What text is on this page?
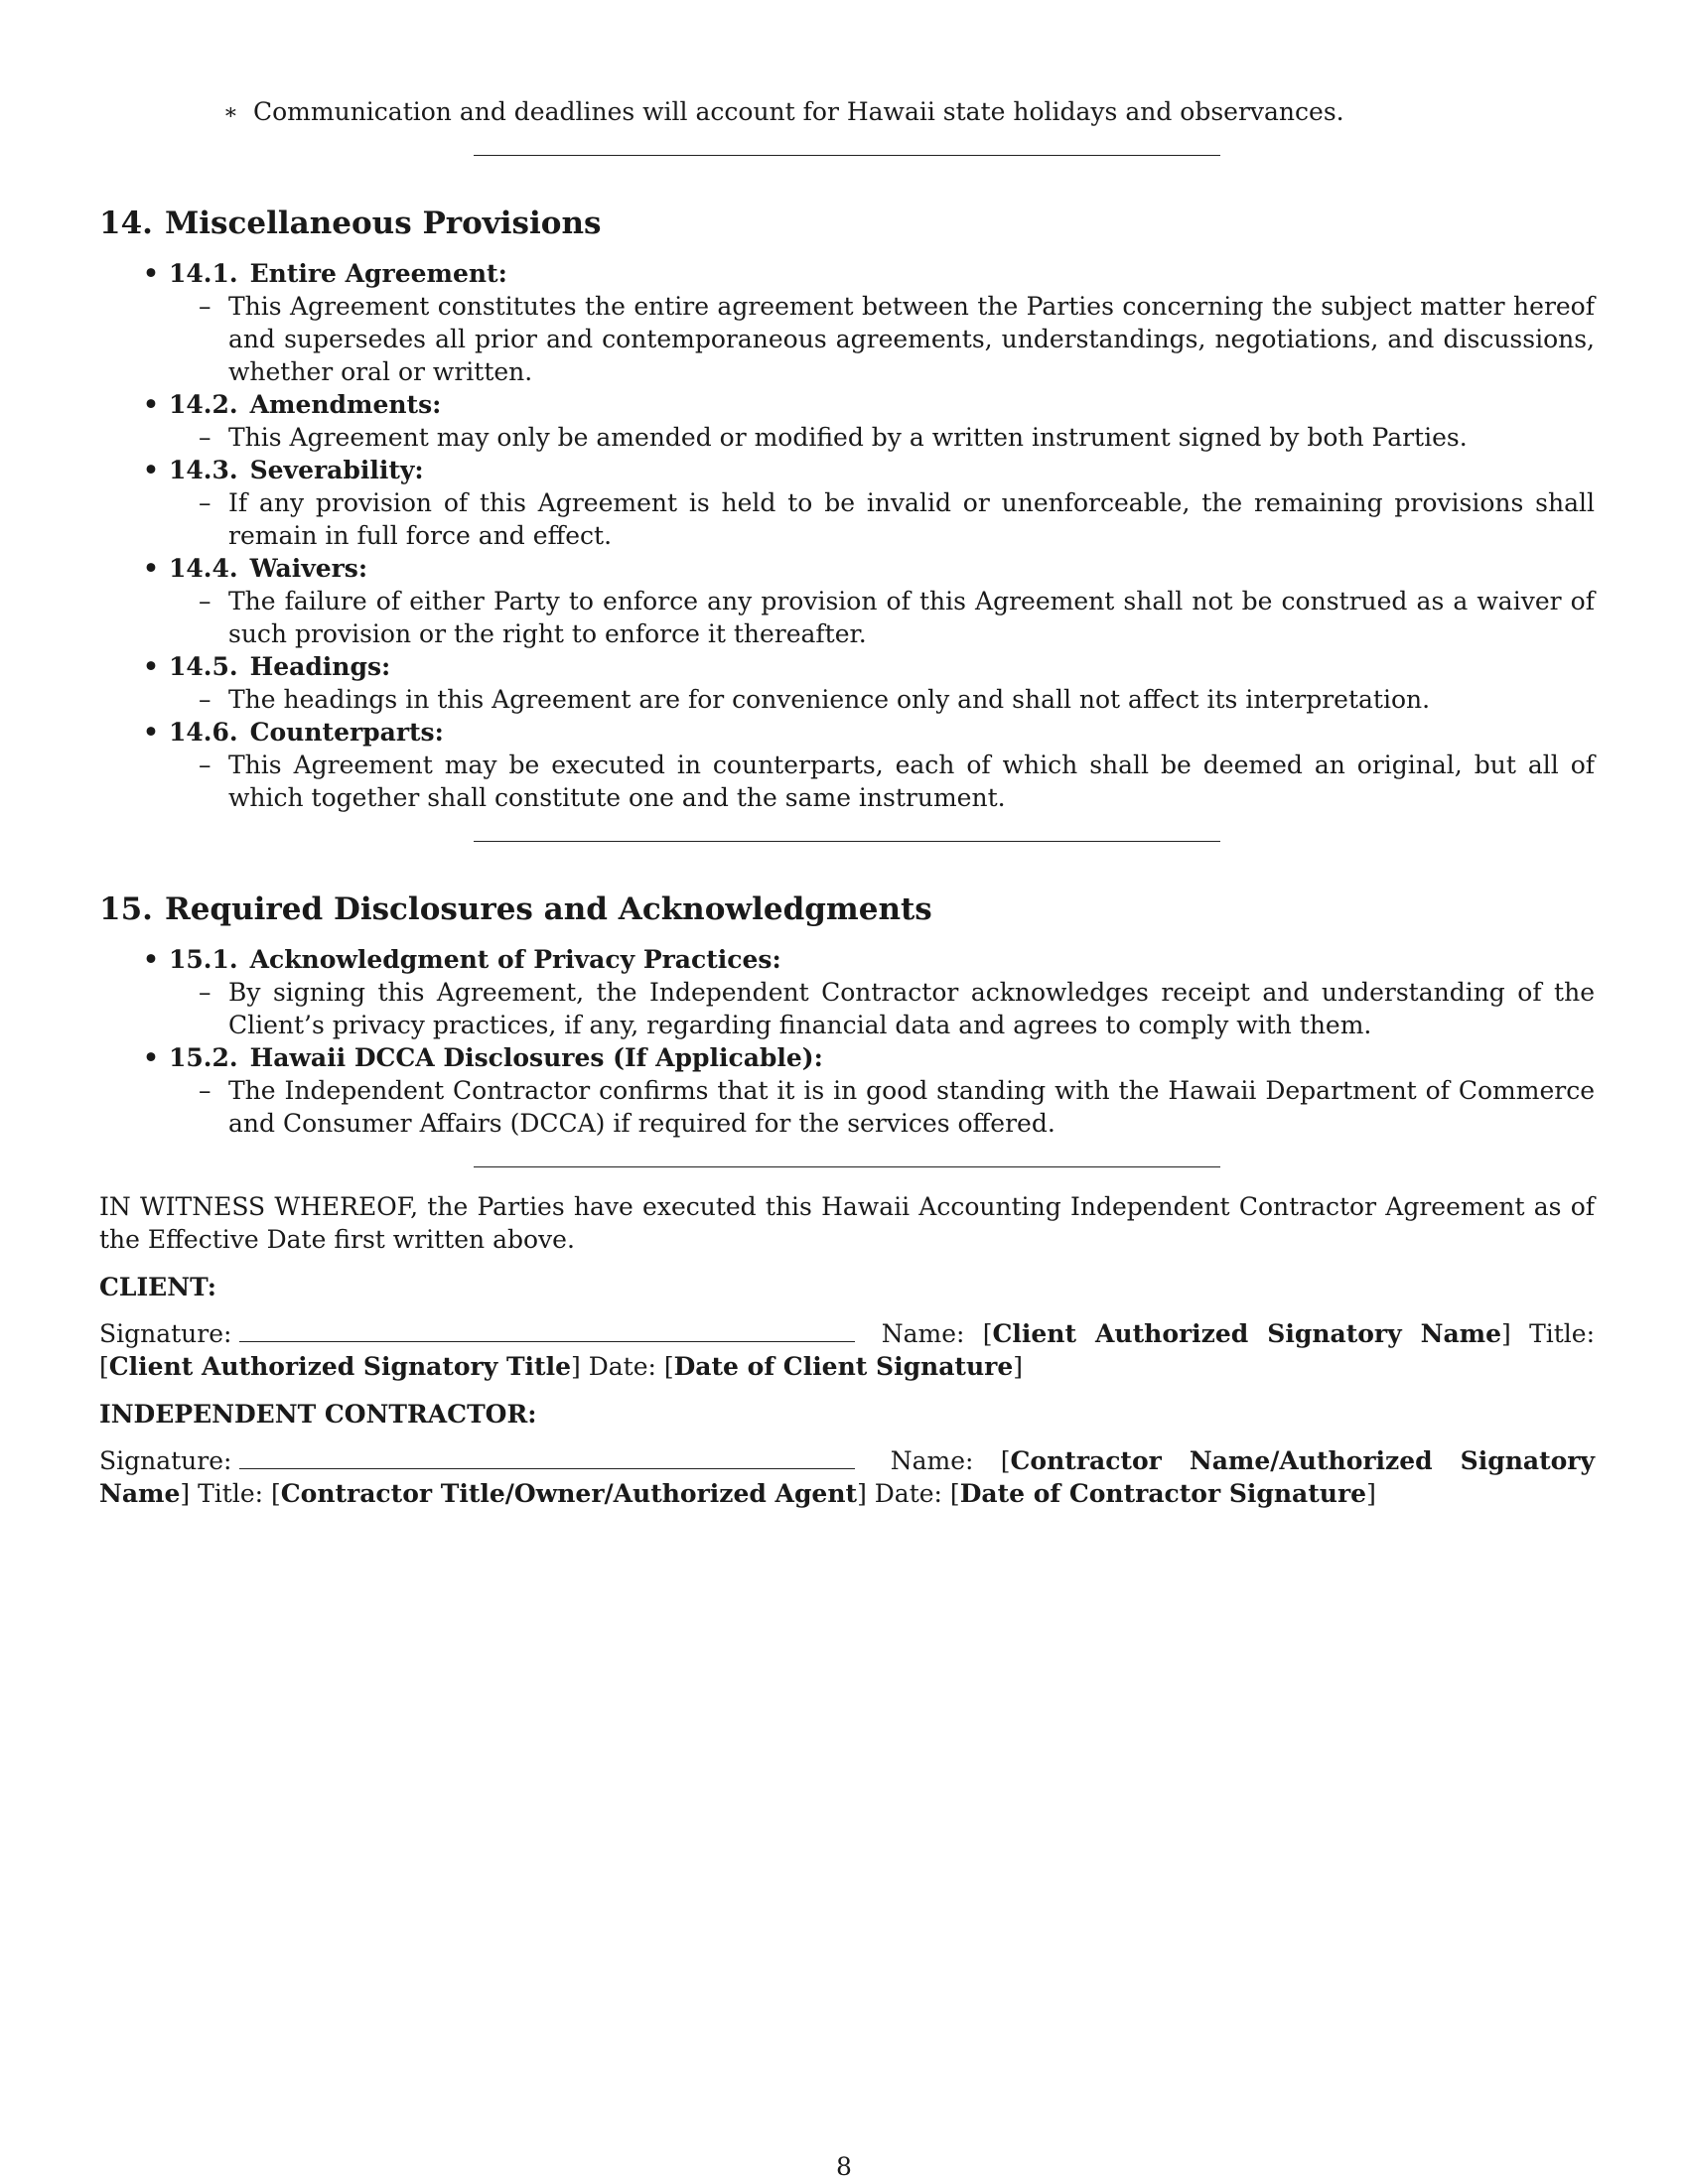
∗ Communication and deadlines will account for Hawaii state holidays and observances.
14. Miscellaneous Provisions
• 14.1. Entire Agreement:
– This Agreement constitutes the entire agreement between the Parties concerning the subject matter hereof and supersedes all prior and contemporaneous agreements, understandings, negotiations, and discussions, whether oral or written.
• 14.2. Amendments:
– This Agreement may only be amended or modified by a written instrument signed by both Parties.
• 14.3. Severability:
– If any provision of this Agreement is held to be invalid or unenforceable, the remaining provisions shall remain in full force and effect.
• 14.4. Waivers:
– The failure of either Party to enforce any provision of this Agreement shall not be construed as a waiver of such provision or the right to enforce it thereafter.
• 14.5. Headings:
– The headings in this Agreement are for convenience only and shall not affect its interpretation.
• 14.6. Counterparts:
– This Agreement may be executed in counterparts, each of which shall be deemed an original, but all of which together shall constitute one and the same instrument.
15. Required Disclosures and Acknowledgments
• 15.1. Acknowledgment of Privacy Practices:
– By signing this Agreement, the Independent Contractor acknowledges receipt and understanding of the Client’s privacy practices, if any, regarding financial data and agrees to comply with them.
• 15.2. Hawaii DCCA Disclosures (If Applicable):
– The Independent Contractor confirms that it is in good standing with the Hawaii Department of Commerce and Consumer Affairs (DCCA) if required for the services offered.
IN WITNESS WHEREOF, the Parties have executed this Hawaii Accounting Independent Contractor Agreement as of the Effective Date first written above.
CLIENT:
Signature:	Name: [Client Authorized Signatory Name] Title: [Client Authorized Signatory Title] Date: [Date of Client Signature]
INDEPENDENT CONTRACTOR:
Signature:	Name: [Contractor Name/Authorized Signatory Name] Title: [Contractor Title/Owner/Authorized Agent] Date: [Date of Contractor Signature]
8
